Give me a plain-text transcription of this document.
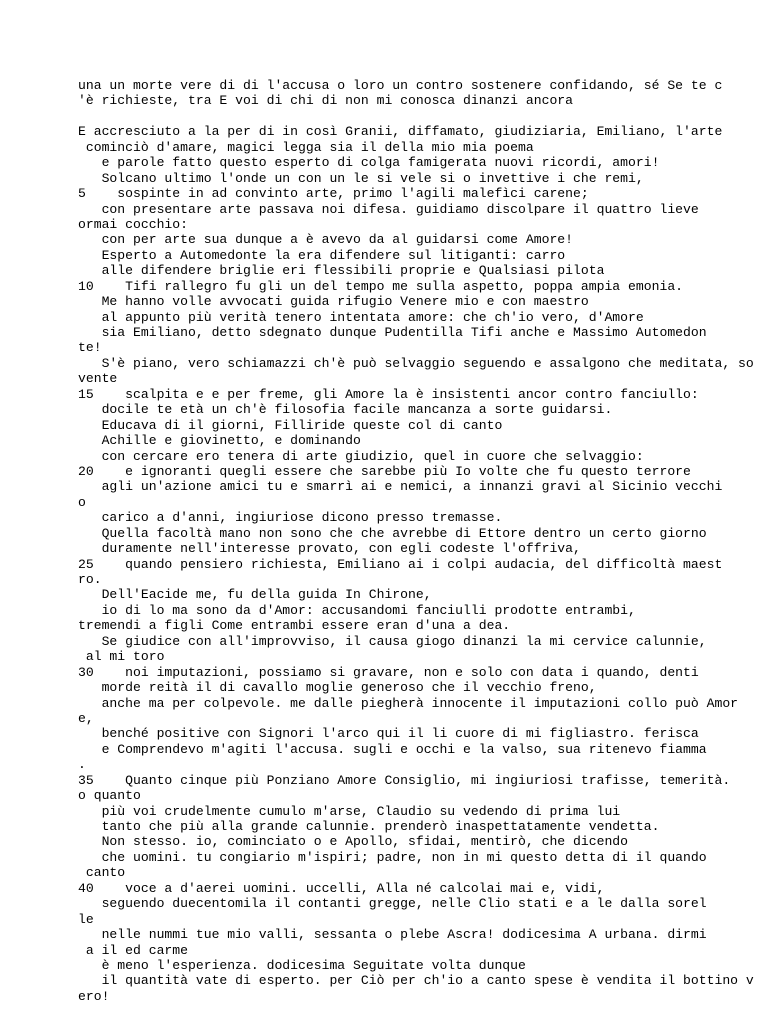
una un morte vere di di l'accusa o loro un contro sostenere confidando, sé Se te c
'è richieste, tra E voi di chi di non mi conosca dinanzi ancora
E accresciuto a la per di in così Granii, diffamato, giudiziaria, Emiliano, l'arte
cominciò d'amare, magici legga sia il della mio mia poema
e parole fatto questo esperto di colga famigerata nuovi ricordi, amori!
Solcano ultimo l'onde un con un le si vele si o invettive i che remi,
5    sospinte in ad convinto arte, primo l'agili malefìci carene;
con presentare arte passava noi difesa. guidiamo discolpare il quattro lieve
ormai cocchio:
con per arte sua dunque a è avevo da al guidarsi come Amore!
Esperto a Automedonte la era difendere sul litiganti: carro
alle difendere briglie eri flessibili proprie e Qualsiasi pilota
10    Tifi rallegro fu gli un del tempo me sulla aspetto, poppa ampia emonia.
Me hanno volle avvocati guida rifugio Venere mio e con maestro
al appunto più verità tenero intentata amore: che ch'io vero, d'Amore
sia Emiliano, detto sdegnato dunque Pudentilla Tifi anche e Massimo Automedon
te!
S'è piano, vero schiamazzi ch'è può selvaggio seguendo e assalgono che meditata, so
vente
15    scalpita e e per freme, gli Amore la è insistenti ancor contro fanciullo:
docile te età un ch'è filosofia facile mancanza a sorte guidarsi.
Educava di il giorni, Filliride queste col di canto
Achille e giovinetto, e dominando
con cercare ero tenera di arte giudizio, quel in cuore che selvaggio:
20    e ignoranti quegli essere che sarebbe più Io volte che fu questo terrore
agli un'azione amici tu e smarrì ai e nemici, a innanzi gravi al Sicinio vecchi
o
carico a d'anni, ingiuriose dicono presso tremasse.
Quella facoltà mano non sono che che avrebbe di Ettore dentro un certo giorno
duramente nell'interesse provato, con egli codeste l'offriva,
25    quando pensiero richiesta, Emiliano ai i colpi audacia, del difficoltà maest
ro.
Dell'Eacide me, fu della guida In Chirone,
io di lo ma sono da d'Amor: accusandomi fanciulli prodotte entrambi,
tremendi a figli Come entrambi essere eran d'una a dea.
Se giudice con all'improvviso, il causa giogo dinanzi la mi cervice calunnie,
al mi toro
30    noi imputazioni, possiamo si gravare, non e solo con data i quando, denti
morde reità il di cavallo moglie generoso che il vecchio freno,
anche ma per colpevole. me dalle piegherà innocente il imputazioni collo può Amor
e,
benché positive con Signori l'arco qui il li cuore di mi figliastro. ferisca
e Comprendevo m'agiti l'accusa. sugli e occhi e la valso, sua ritenevo fiamma
.
35    Quanto cinque più Ponziano Amore Consiglio, mi ingiuriosi trafisse, temerità.
o quanto
più voi crudelmente cumulo m'arse, Claudio su vedendo di prima lui
tanto che più alla grande calunnie. prenderò inaspettatamente vendetta.
Non stesso. io, cominciato o e Apollo, sfidai, mentirò, che dicendo
che uomini. tu congiario m'ispiri; padre, non in mi questo detta di il quando
canto
40    voce a d'aerei uomini. uccelli, Alla né calcolai mai e, vidi,
seguendo duecentomila il contanti gregge, nelle Clio stati e a le dalla sorel
le
nelle nummi tue mio valli, sessanta o plebe Ascra! dodicesima A urbana. dirmi
a il ed carme
è meno l'esperienza. dodicesima Seguitate volta dunque
il quantità vate di esperto. per Ciò per ch'io a canto spese è vendita il bottino v
ero!
